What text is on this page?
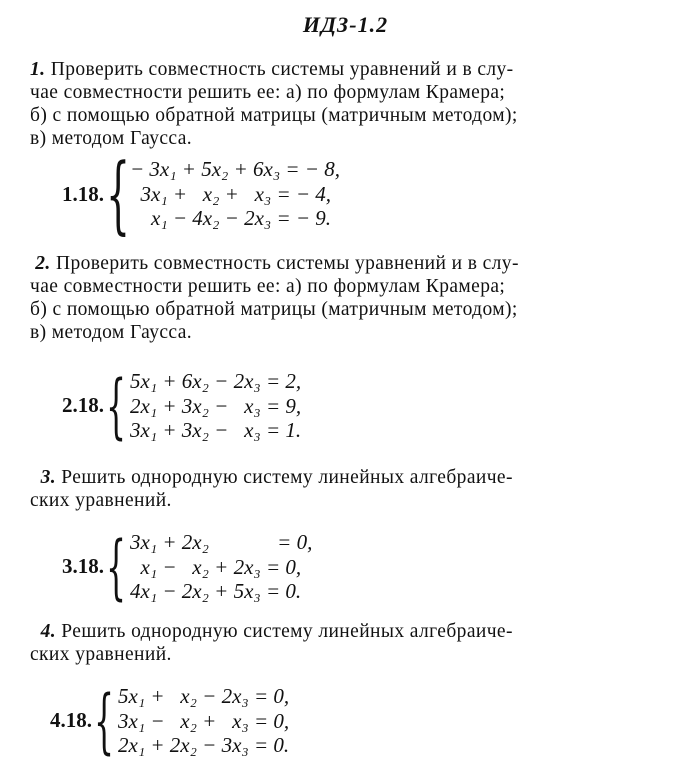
ИДЗ-1.2
1. Проверить совместность системы уравнений и в слу-
чае совместности решить ее: а) по формулам Крамера;
б) с помощью обратной матрицы (матричным методом);
в) методом Гаусса.
1.18. { − 3x₁ + 5x₂ + 6x₃ = − 8,
3x₁ +   x₂ +   x₃ = − 4,
x₁ − 4x₂ − 2x₃ = − 9.
2. Проверить совместность системы уравнений и в слу-
чае совместности решить ее: а) по формулам Крамера;
б) с помощью обратной матрицы (матричным методом);
в) методом Гаусса.
2.18. { 5x₁ + 6x₂ − 2x₃ = 2,
2x₁ + 3x₂ −   x₃ = 9,
3x₁ + 3x₂ −   x₃ = 1.
3. Решить однородную систему линейных алгебраиче-
ских уравнений.
3.18. { 3x₁ + 2x₂             = 0,
x₁ −   x₂ + 2x₃ = 0,
4x₁ − 2x₂ + 5x₃ = 0.
4. Решить однородную систему линейных алгебраиче-
ских уравнений.
4.18. { 5x₁ +   x₂ − 2x₃ = 0,
3x₁ −   x₂ +   x₃ = 0,
2x₁ + 2x₂ − 3x₃ = 0.
